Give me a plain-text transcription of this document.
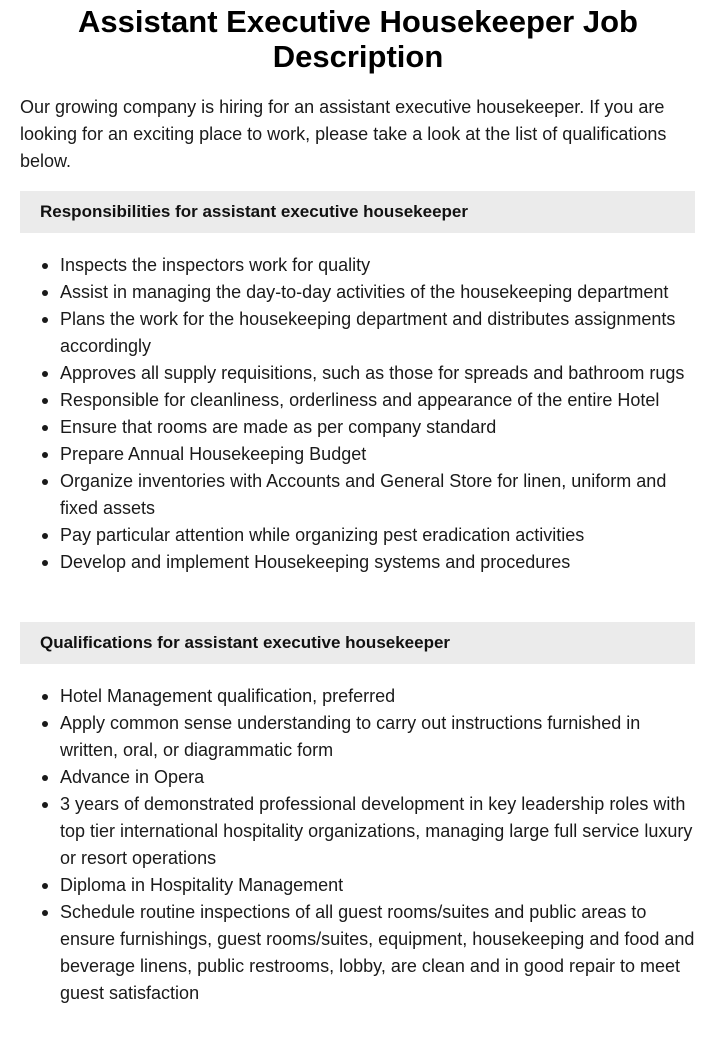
Assistant Executive Housekeeper Job Description

Our growing company is hiring for an assistant executive housekeeper. If you are looking for an exciting place to work, please take a look at the list of qualifications below.

Responsibilities for assistant executive housekeeper
Inspects the inspectors work for quality
Assist in managing the day-to-day activities of the housekeeping department
Plans the work for the housekeeping department and distributes assignments accordingly
Approves all supply requisitions, such as those for spreads and bathroom rugs
Responsible for cleanliness, orderliness and appearance of the entire Hotel
Ensure that rooms are made as per company standard
Prepare Annual Housekeeping Budget
Organize inventories with Accounts and General Store for linen, uniform and fixed assets
Pay particular attention while organizing pest eradication activities
Develop and implement Housekeeping systems and procedures
Qualifications for assistant executive housekeeper
Hotel Management qualification, preferred
Apply common sense understanding to carry out instructions furnished in written, oral, or diagrammatic form
Advance in Opera
3 years of demonstrated professional development in key leadership roles with top tier international hospitality organizations, managing large full service luxury or resort operations
Diploma in Hospitality Management
Schedule routine inspections of all guest rooms/suites and public areas to ensure furnishings, guest rooms/suites, equipment, housekeeping and food and beverage linens, public restrooms, lobby, are clean and in good repair to meet guest satisfaction
